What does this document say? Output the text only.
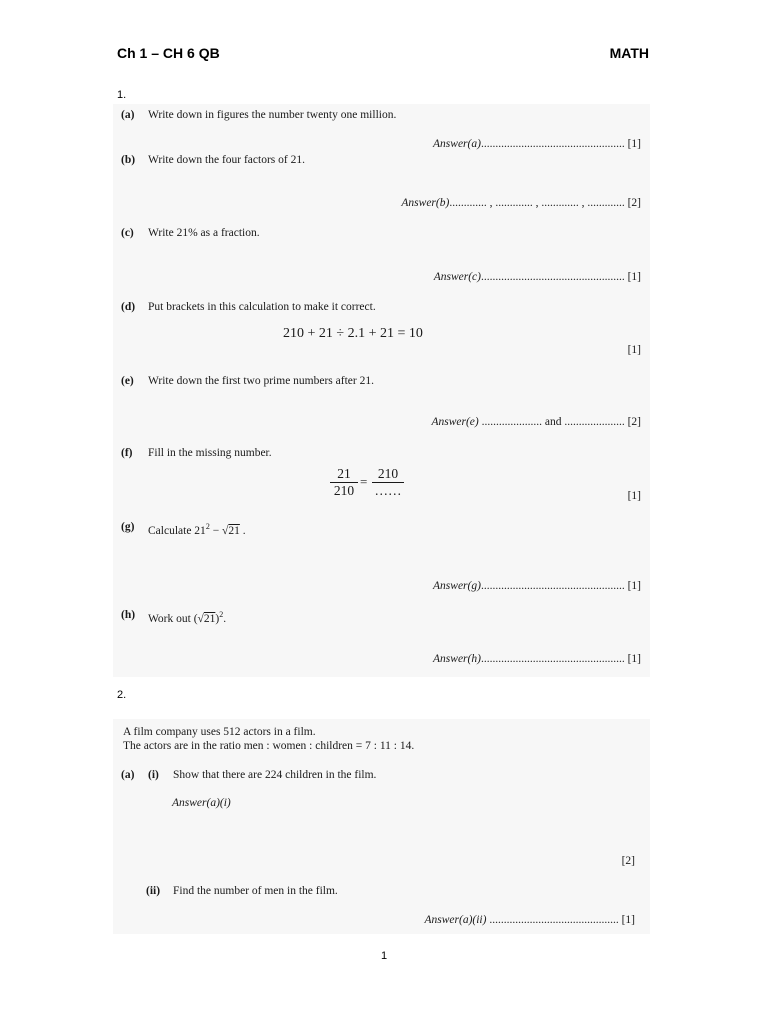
Ch 1 – CH 6 QB	MATH
1.
(a) Write down in figures the number twenty one million.
Answer(a).................................................. [1]
(b) Write down the four factors of 21.
Answer(b)............. , ............. , ............. , ............. [2]
(c) Write 21% as a fraction.
Answer(c).................................................. [1]
(d) Put brackets in this calculation to make it correct.
210 + 21 ÷ 2.1 + 21 = 10
[1]
(e) Write down the first two prime numbers after 21.
Answer(e) ..................... and ..................... [2]
(f) Fill in the missing number.
$\frac{21}{210}$ =
210
……	[1]
(g) Calculate $21^2 - √21$ .
Answer(g).................................................. [1]
(h) Work out $(√21)^2$.
Answer(h).................................................. [1]
2.
A film company uses 512 actors in a film.
The actors are in the ratio men : women : children = 7 : 11 : 14.
(a) (i) Show that there are 224 children in the film.
Answer(a)(i)
[2]
(ii) Find the number of men in the film.
Answer(a)(ii) ............................................. [1]
1
